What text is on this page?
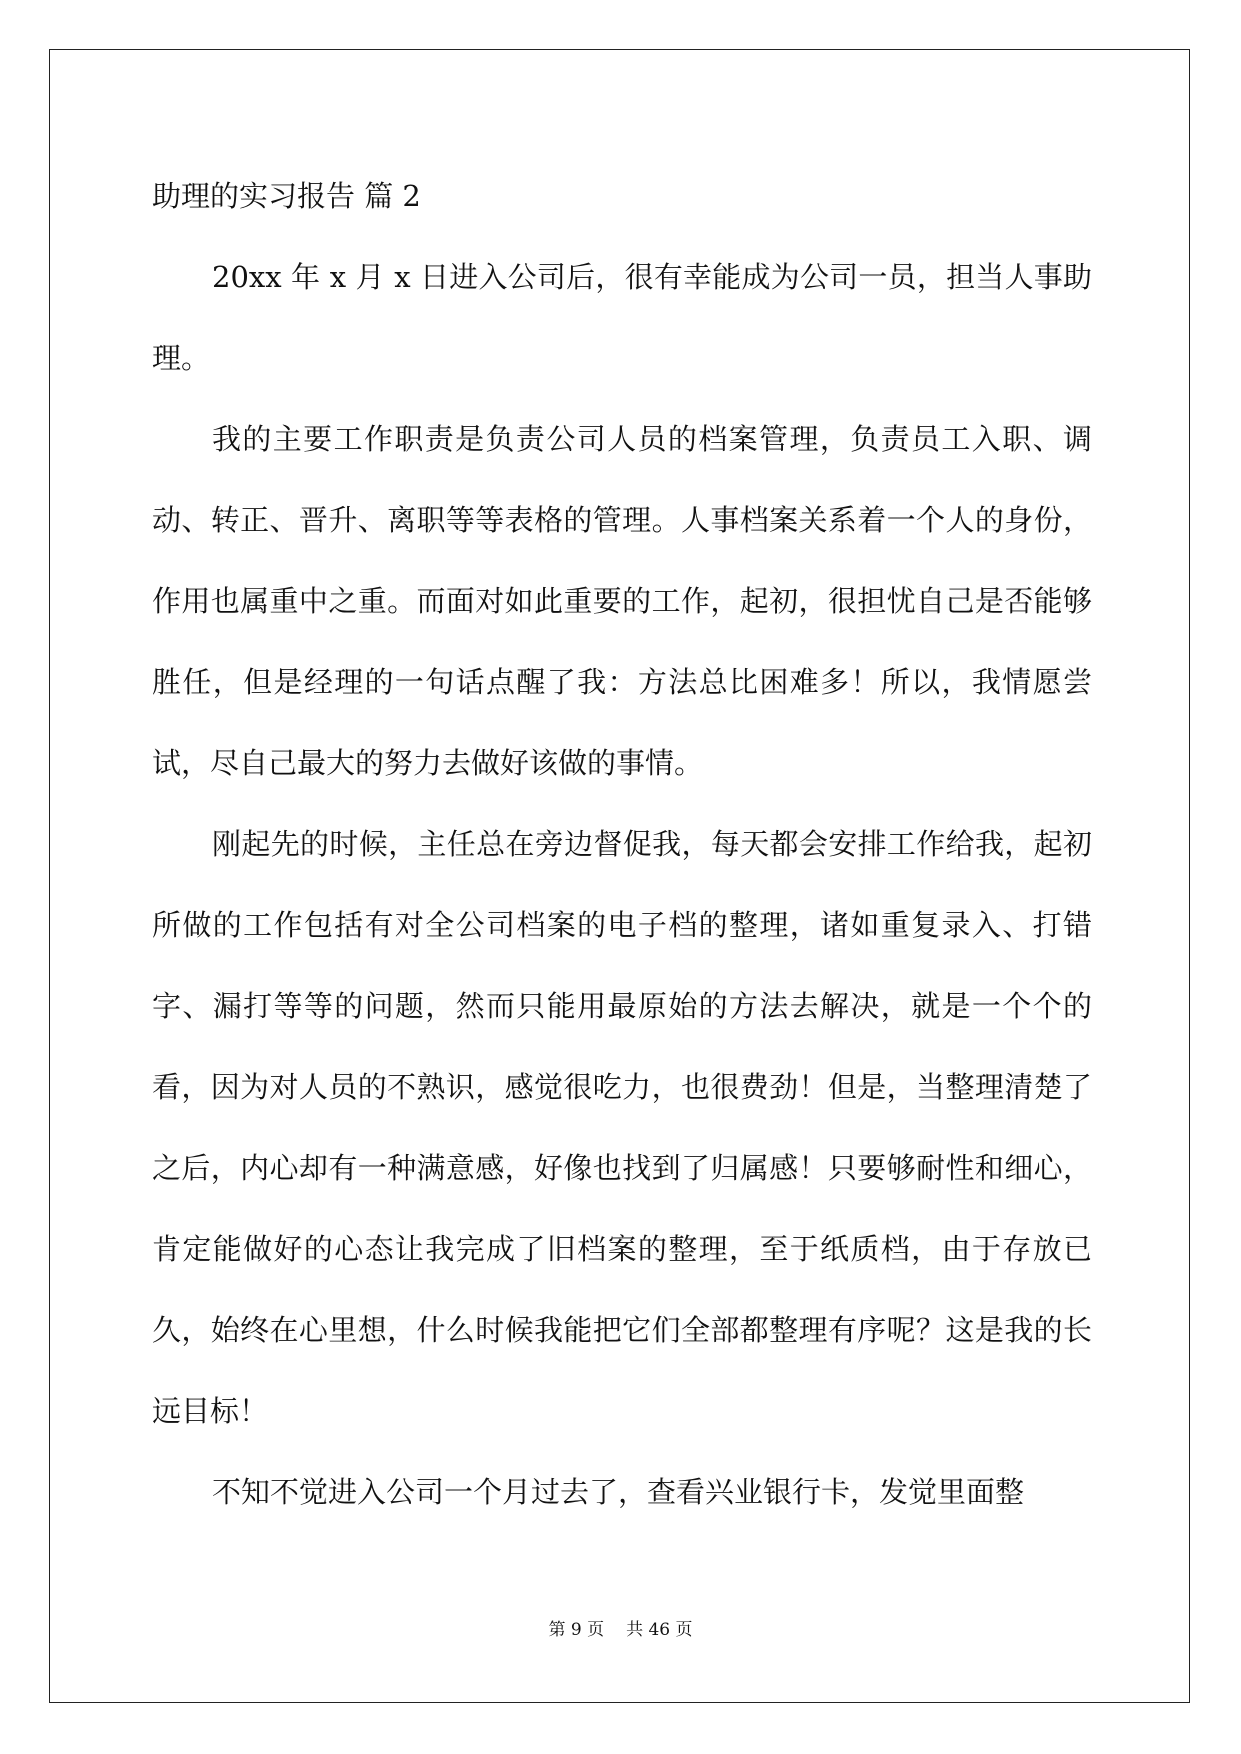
助理的实习报告 篇 2

20xx 年 x 月 x 日进入公司后，很有幸能成为公司一员，担当人事助理。

我的主要工作职责是负责公司人员的档案管理，负责员工入职、调动、转正、晋升、离职等等表格的管理。人事档案关系着一个人的身份，作用也属重中之重。而面对如此重要的工作，起初，很担忧自己是否能够胜任，但是经理的一句话点醒了我：方法总比困难多！所以，我情愿尝试，尽自己最大的努力去做好该做的事情。

刚起先的时候，主任总在旁边督促我，每天都会安排工作给我，起初所做的工作包括有对全公司档案的电子档的整理，诸如重复录入、打错字、漏打等等的问题，然而只能用最原始的方法去解决，就是一个个的看，因为对人员的不熟识，感觉很吃力，也很费劲！但是，当整理清楚了之后，内心却有一种满意感，好像也找到了归属感！只要够耐性和细心，肯定能做好的心态让我完成了旧档案的整理，至于纸质档，由于存放已久，始终在心里想，什么时候我能把它们全部都整理有序呢？这是我的长远目标！

不知不觉进入公司一个月过去了，查看兴业银行卡，发觉里面整

第 9 页 共 46 页
